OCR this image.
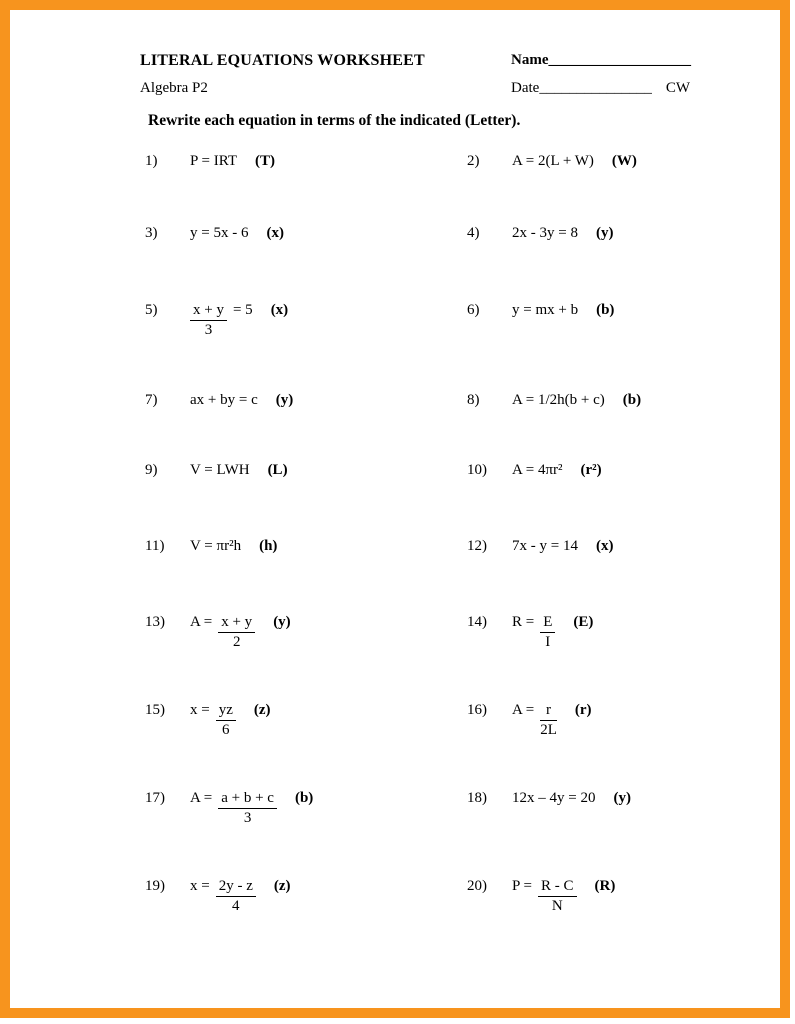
LITERAL EQUATIONS WORKSHEET
Algebra P2
Name___________________
Date_______________ CW
Rewrite each equation in terms of the indicated (Letter).
1)	P = IRT (T)	2)	A = 2(L + W) (W)
3)	y = 5x - 6 (x)	4)	2x - 3y = 8 (y)
5)	$\frac{x + y}{3} = 5$ (x)	6)	y = mx + b (b)
7)	ax + by = c (y)	8)	A = 1/2h(b + c) (b)
9)	V = LWH (L)	10)	A = 4πr² (r²)
11)	V = πr²h (h)	12)	7x - y = 14 (x)
13)	$A = \frac{x + y}{2} (y)$	14)	$R = \frac{E}{I} (E)$
15)	$x = \frac{yz}{6} (z)$	16)	$A = \frac{r}{2L} (r)$
17)	$A = \frac{a + b + c}{3} (b)$	18)	12x – 4y = 20 (y)
19)	$x = \frac{2y - z}{4} (z)$	20)	$P = \frac{R - C}{N} (R)$
